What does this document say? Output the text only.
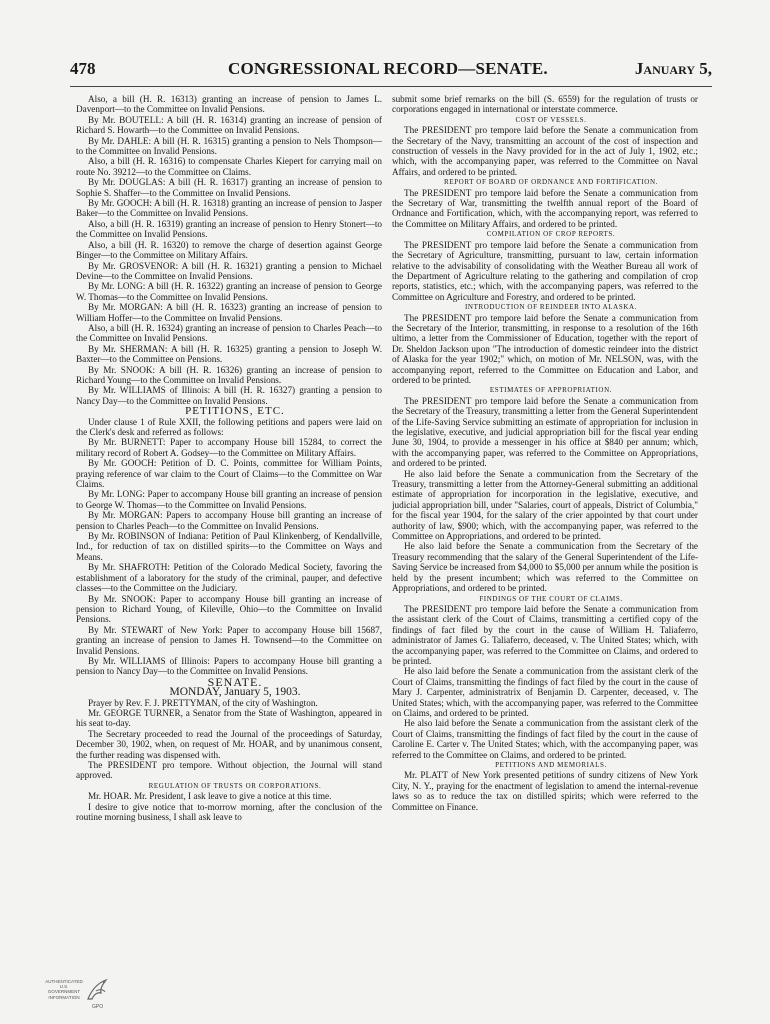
478	CONGRESSIONAL RECORD—SENATE.	January 5,

Also, a bill (H. R. 16313) granting an increase of pension to James L. Davenport—to the Committee on Invalid Pensions.

By Mr. BOUTELL: A bill (H. R. 16314) granting an increase of pension of Richard S. Howarth—to the Committee on Invalid Pensions.

By Mr. DAHLE: A bill (H. R. 16315) granting a pension to Nels Thompson—to the Committee on Invalid Pensions.

Also, a bill (H. R. 16316) to compensate Charles Kiepert for carrying mail on route No. 39212—to the Committee on Claims.

By Mr. DOUGLAS: A bill (H. R. 16317) granting an increase of pension to Sophie S. Shaffer—to the Committee on Invalid Pensions.

By Mr. GOOCH: A bill (H. R. 16318) granting an increase of pension to Jasper Baker—to the Committee on Invalid Pensions.

Also, a bill (H. R. 16319) granting an increase of pension to Henry Stonert—to the Committee on Invalid Pensions.

Also, a bill (H. R. 16320) to remove the charge of desertion against George Binger—to the Committee on Military Affairs.

By Mr. GROSVENOR: A bill (H. R. 16321) granting a pension to Michael Devine—to the Committee on Invalid Pensions.

By Mr. LONG: A bill (H. R. 16322) granting an increase of pension to George W. Thomas—to the Committee on Invalid Pensions.

By Mr. MORGAN: A bill (H. R. 16323) granting an increase of pension to William Hoffer—to the Committee on Invalid Pensions.

Also, a bill (H. R. 16324) granting an increase of pension to Charles Peach—to the Committee on Invalid Pensions.

By Mr. SHERMAN: A bill (H. R. 16325) granting a pension to Joseph W. Baxter—to the Committee on Pensions.

By Mr. SNOOK: A bill (H. R. 16326) granting an increase of pension to Richard Young—to the Committee on Invalid Pensions.

By Mr. WILLIAMS of Illinois: A bill (H. R. 16327) granting a pension to Nancy Day—to the Committee on Invalid Pensions.

PETITIONS, ETC.

Under clause 1 of Rule XXII, the following petitions and papers were laid on the Clerk's desk and referred as follows:

By Mr. BURNETT: Paper to accompany House bill 15284, to correct the military record of Robert A. Godsey—to the Committee on Military Affairs.

By Mr. GOOCH: Petition of D. C. Points, committee for William Points, praying reference of war claim to the Court of Claims—to the Committee on War Claims.

By Mr. LONG: Paper to accompany House bill granting an increase of pension to George W. Thomas—to the Committee on Invalid Pensions.

By Mr. MORGAN: Papers to accompany House bill granting an increase of pension to Charles Peach—to the Committee on Invalid Pensions.

By Mr. ROBINSON of Indiana: Petition of Paul Klinkenberg, of Kendallville, Ind., for reduction of tax on distilled spirits—to the Committee on Ways and Means.

By Mr. SHAFROTH: Petition of the Colorado Medical Society, favoring the establishment of a laboratory for the study of the criminal, pauper, and defective classes—to the Committee on the Judiciary.

By Mr. SNOOK: Paper to accompany House bill granting an increase of pension to Richard Young, of Kileville, Ohio—to the Committee on Invalid Pensions.

By Mr. STEWART of New York: Paper to accompany House bill 15687, granting an increase of pension to James H. Townsend—to the Committee on Invalid Pensions.

By Mr. WILLIAMS of Illinois: Papers to accompany House bill granting a pension to Nancy Day—to the Committee on Invalid Pensions.

SENATE.

MONDAY, January 5, 1903.

Prayer by Rev. F. J. PRETTYMAN, of the city of Washington.

Mr. GEORGE TURNER, a Senator from the State of Washington, appeared in his seat to-day.

The Secretary proceeded to read the Journal of the proceedings of Saturday, December 30, 1902, when, on request of Mr. HOAR, and by unanimous consent, the further reading was dispensed with.

The PRESIDENT pro tempore. Without objection, the Journal will stand approved.

REGULATION OF TRUSTS OR CORPORATIONS.

Mr. HOAR. Mr. President, I ask leave to give a notice at this time.

I desire to give notice that to-morrow morning, after the conclusion of the routine morning business, I shall ask leave to

submit some brief remarks on the bill (S. 6559) for the regulation of trusts or corporations engaged in international or interstate commerce.

COST OF VESSELS.

The PRESIDENT pro tempore laid before the Senate a communication from the Secretary of the Navy, transmitting an account of the cost of inspection and construction of vessels in the Navy provided for in the act of July 1, 1902, etc.; which, with the accompanying paper, was referred to the Committee on Naval Affairs, and ordered to be printed.

REPORT OF BOARD OF ORDNANCE AND FORTIFICATION.

The PRESIDENT pro tempore laid before the Senate a communication from the Secretary of War, transmitting the twelfth annual report of the Board of Ordnance and Fortification, which, with the accompanying report, was referred to the Committee on Military Affairs, and ordered to be printed.

COMPILATION OF CROP REPORTS.

The PRESIDENT pro tempore laid before the Senate a communication from the Secretary of Agriculture, transmitting, pursuant to law, certain information relative to the advisability of consolidating with the Weather Bureau all work of the Department of Agriculture relating to the gathering and compilation of crop reports, statistics, etc.; which, with the accompanying papers, was referred to the Committee on Agriculture and Forestry, and ordered to be printed.

INTRODUCTION OF REINDEER INTO ALASKA.

The PRESIDENT pro tempore laid before the Senate a communication from the Secretary of the Interior, transmitting, in response to a resolution of the 16th ultimo, a letter from the Commissioner of Education, together with the report of Dr. Sheldon Jackson upon "The introduction of domestic reindeer into the district of Alaska for the year 1902;" which, on motion of Mr. NELSON, was, with the accompanying report, referred to the Committee on Education and Labor, and ordered to be printed.

ESTIMATES OF APPROPRIATION.

The PRESIDENT pro tempore laid before the Senate a communication from the Secretary of the Treasury, transmitting a letter from the General Superintendent of the Life-Saving Service submitting an estimate of appropriation for inclusion in the legislative, executive, and judicial appropriation bill for the fiscal year ending June 30, 1904, to provide a messenger in his office at $840 per annum; which, with the accompanying paper, was referred to the Committee on Appropriations, and ordered to be printed.

He also laid before the Senate a communication from the Secretary of the Treasury, transmitting a letter from the Attorney-General submitting an additional estimate of appropriation for incorporation in the legislative, executive, and judicial appropriation bill, under "Salaries, court of appeals, District of Columbia," for the fiscal year 1904, for the salary of the crier appointed by that court under authority of law, $900; which, with the accompanying paper, was referred to the Committee on Appropriations, and ordered to be printed.

He also laid before the Senate a communication from the Secretary of the Treasury recommending that the salary of the General Superintendent of the Life-Saving Service be increased from $4,000 to $5,000 per annum while the position is held by the present incumbent; which was referred to the Committee on Appropriations, and ordered to be printed.

FINDINGS OF THE COURT OF CLAIMS.

The PRESIDENT pro tempore laid before the Senate a communication from the assistant clerk of the Court of Claims, transmitting a certified copy of the findings of fact filed by the court in the cause of William H. Taliaferro, administrator of James G. Taliaferro, deceased, v. The United States; which, with the accompanying paper, was referred to the Committee on Claims, and ordered to be printed.

He also laid before the Senate a communication from the assistant clerk of the Court of Claims, transmitting the findings of fact filed by the court in the cause of Mary J. Carpenter, administratrix of Benjamin D. Carpenter, deceased, v. The United States; which, with the accompanying paper, was referred to the Committee on Claims, and ordered to be printed.

He also laid before the Senate a communication from the assistant clerk of the Court of Claims, transmitting the findings of fact filed by the court in the cause of Caroline E. Carter v. The United States; which, with the accompanying paper, was referred to the Committee on Claims, and ordered to be printed.

PETITIONS AND MEMORIALS.

Mr. PLATT of New York presented petitions of sundry citizens of New York City, N. Y., praying for the enactment of legislation to amend the internal-revenue laws so as to reduce the tax on distilled spirits; which were referred to the Committee on Finance.

AUTHENTICATED U.S. GOVERNMENT INFORMATION
GPO
